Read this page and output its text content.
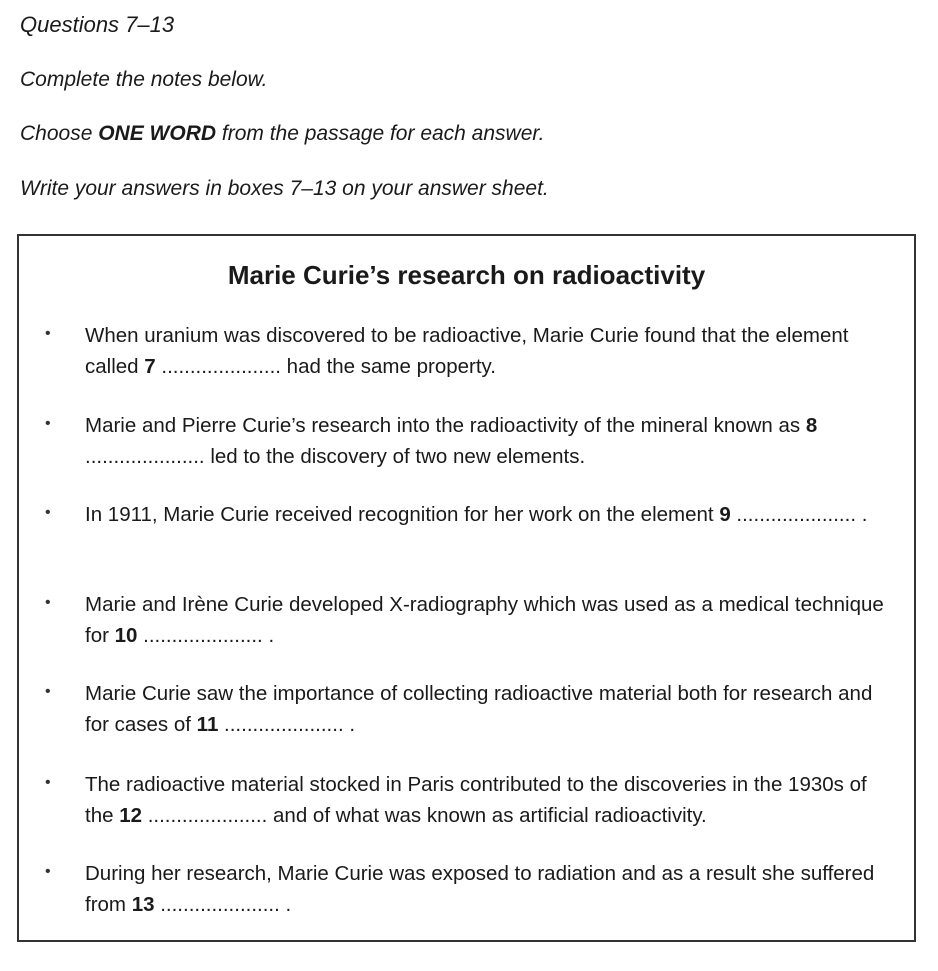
Questions 7–13
Complete the notes below.
Choose ONE WORD from the passage for each answer.
Write your answers in boxes 7–13 on your answer sheet.
Marie Curie’s research on radioactivity
• When uranium was discovered to be radioactive, Marie Curie found that the element called 7 ..................... had the same property.
• Marie and Pierre Curie’s research into the radioactivity of the mineral known as 8 ..................... led to the discovery of two new elements.
• In 1911, Marie Curie received recognition for her work on the element 9 ..................... .
• Marie and Irène Curie developed X-radiography which was used as a medical technique for 10 ..................... .
• Marie Curie saw the importance of collecting radioactive material both for research and for cases of 11 ..................... .
• The radioactive material stocked in Paris contributed to the discoveries in the 1930s of the 12 ..................... and of what was known as artificial radioactivity.
• During her research, Marie Curie was exposed to radiation and as a result she suffered from 13 ..................... .
